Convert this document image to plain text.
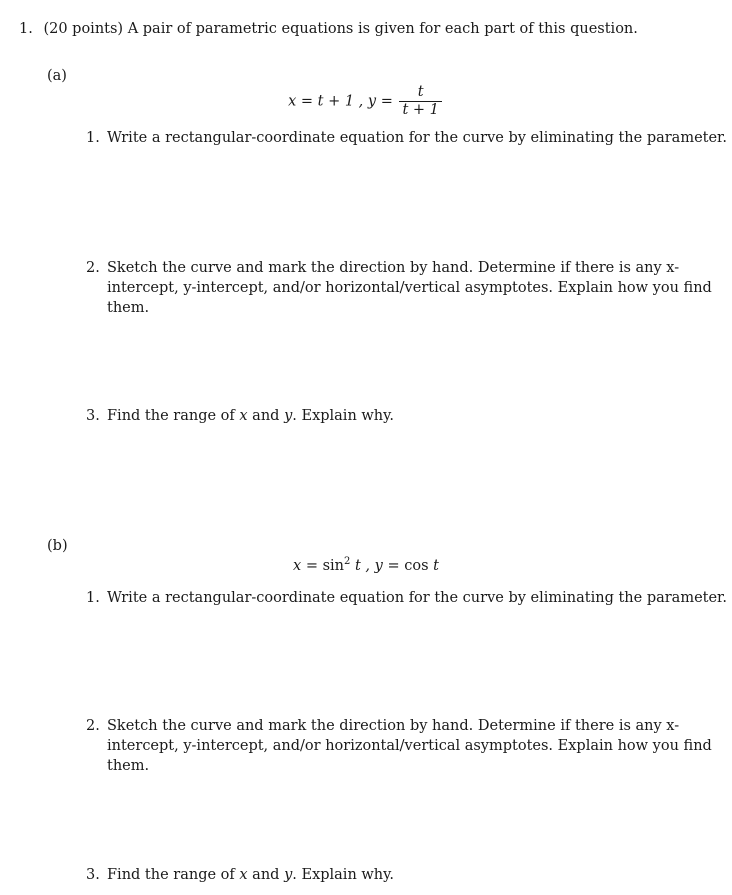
1. (20 points) A pair of parametric equations is given for each part of this question.
(a)
x = t + 1 , $y = \frac{t}{t + 1}$
1. Write a rectangular-coordinate equation for the curve by eliminating the parameter.
2. Sketch the curve and mark the direction by hand. Determine if there is any x-intercept, y-intercept, and/or horizontal/vertical asymptotes. Explain how you find them.
3. Find the range of x and y. Explain why.
(b)
$x = \sin^2 t$ , y = cos t
1. Write a rectangular-coordinate equation for the curve by eliminating the parameter.
2. Sketch the curve and mark the direction by hand. Determine if there is any x-intercept, y-intercept, and/or horizontal/vertical asymptotes. Explain how you find them.
3. Find the range of x and y. Explain why.
